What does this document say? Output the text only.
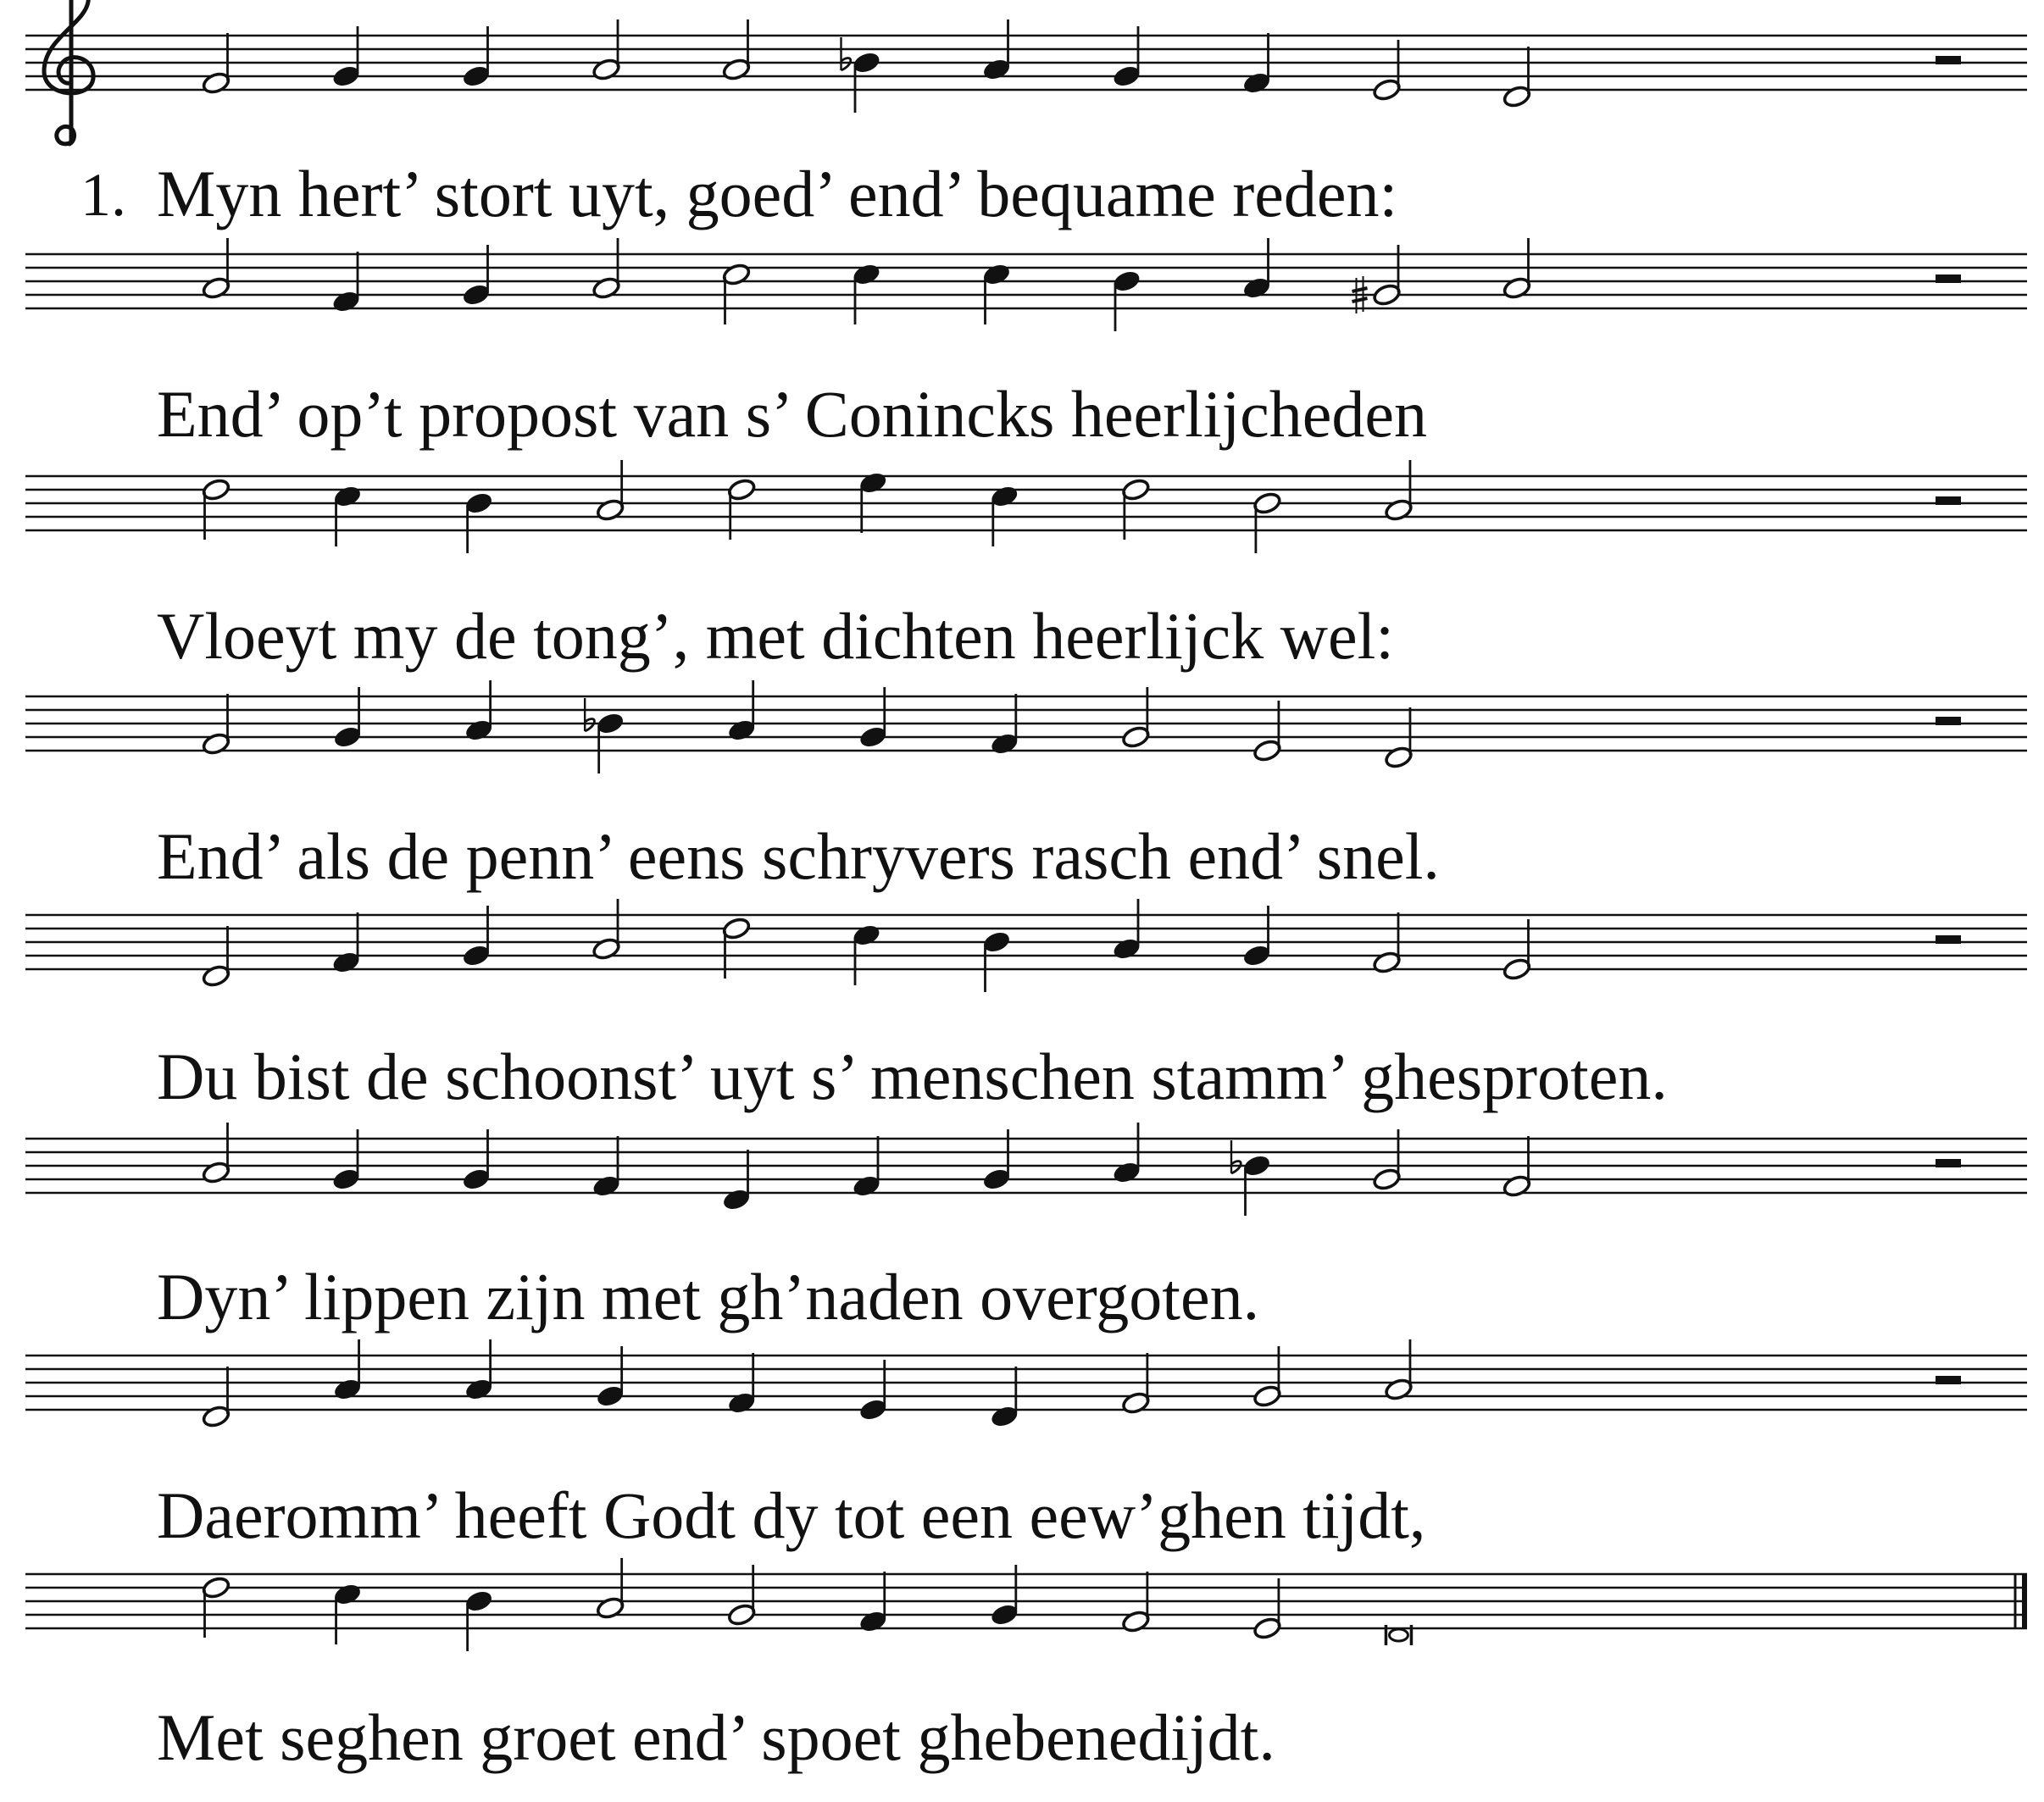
Myn hert’ stort uyt, goed’ end’ bequame reden:

End’ op’t propost van s’ Conincks heerlijcheden

Vloeyt my de tong’, met dichten heerlijck wel:

End’ als de penn’ eens schryvers rasch end’ snel.

Du bist de schoonst’ uyt s’ menschen stamm’ ghesproten.

Dyn’ lippen zijn met gh’naden overgoten.

Daeromm’ heeft Godt dy tot een eew’ghen tijdt,

Met seghen groet end’ spoet ghebenedijdt.

1.
